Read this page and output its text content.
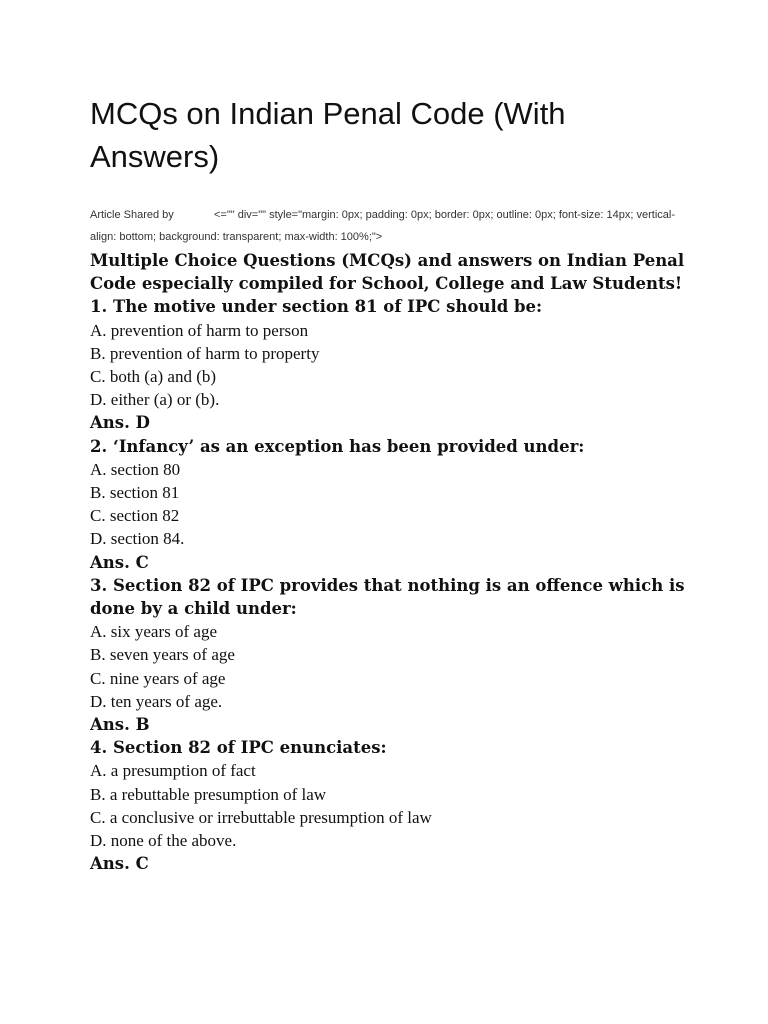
MCQs on Indian Penal Code (With Answers)
Article Shared by	<="" div="" style="margin: 0px; padding: 0px; border: 0px; outline: 0px; font-size: 14px; vertical-align: bottom; background: transparent; max-width: 100%;">
Multiple Choice Questions (MCQs) and answers on Indian Penal Code especially compiled for School, College and Law Students!
1. The motive under section 81 of IPC should be:
A. prevention of harm to person
B. prevention of harm to property
C. both (a) and (b)
D. either (a) or (b).
Ans. D
2. ‘Infancy’ as an exception has been provided under:
A. section 80
B. section 81
C. section 82
D. section 84.
Ans. C
3. Section 82 of IPC provides that nothing is an offence which is done by a child under:
A. six years of age
B. seven years of age
C. nine years of age
D. ten years of age.
Ans. B
4. Section 82 of IPC enunciates:
A. a presumption of fact
B. a rebuttable presumption of law
C. a conclusive or irrebuttable presumption of law
D. none of the above.
Ans. C
